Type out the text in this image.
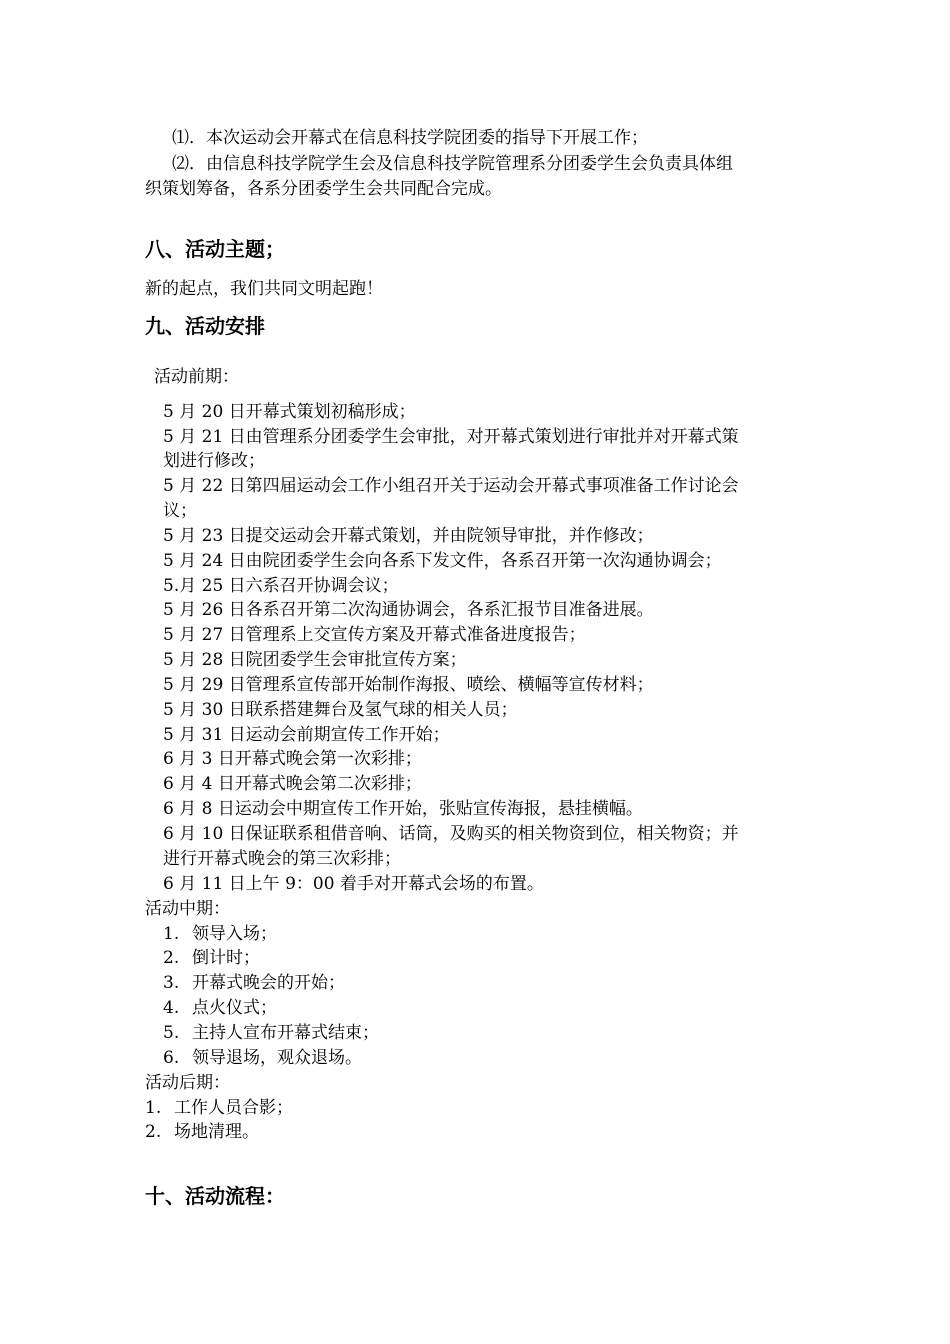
⑴．本次运动会开幕式在信息科技学院团委的指导下开展工作；
⑵．由信息科技学院学生会及信息科技学院管理系分团委学生会负责具体组
织策划筹备，各系分团委学生会共同配合完成。
八、活动主题；
新的起点，我们共同文明起跑！
九、活动安排
活动前期：
5 月 20 日开幕式策划初稿形成；
5 月 21 日由管理系分团委学生会审批，对开幕式策划进行审批并对开幕式策
划进行修改；
5 月 22 日第四届运动会工作小组召开关于运动会开幕式事项准备工作讨论会
议；
5 月 23 日提交运动会开幕式策划，并由院领导审批，并作修改；
5 月 24 日由院团委学生会向各系下发文件，各系召开第一次沟通协调会；
5.月 25 日六系召开协调会议；
5 月 26 日各系召开第二次沟通协调会，各系汇报节目准备进展。
5 月 27 日管理系上交宣传方案及开幕式准备进度报告；
5 月 28 日院团委学生会审批宣传方案；
5 月 29 日管理系宣传部开始制作海报、喷绘、横幅等宣传材料；
5 月 30 日联系搭建舞台及氢气球的相关人员；
5 月 31 日运动会前期宣传工作开始；
6 月 3 日开幕式晚会第一次彩排；
6 月 4 日开幕式晚会第二次彩排；
6 月 8 日运动会中期宣传工作开始，张贴宣传海报，悬挂横幅。
6 月 10 日保证联系租借音响、话筒，及购买的相关物资到位，相关物资；并
进行开幕式晚会的第三次彩排；
6 月 11 日上午 9：00 着手对开幕式会场的布置。
活动中期：
1. 领导入场；
2. 倒计时；
3. 开幕式晚会的开始；
4. 点火仪式；
5. 主持人宣布开幕式结束；
6. 领导退场，观众退场。
活动后期：
1. 工作人员合影；
2. 场地清理。
十、活动流程：
